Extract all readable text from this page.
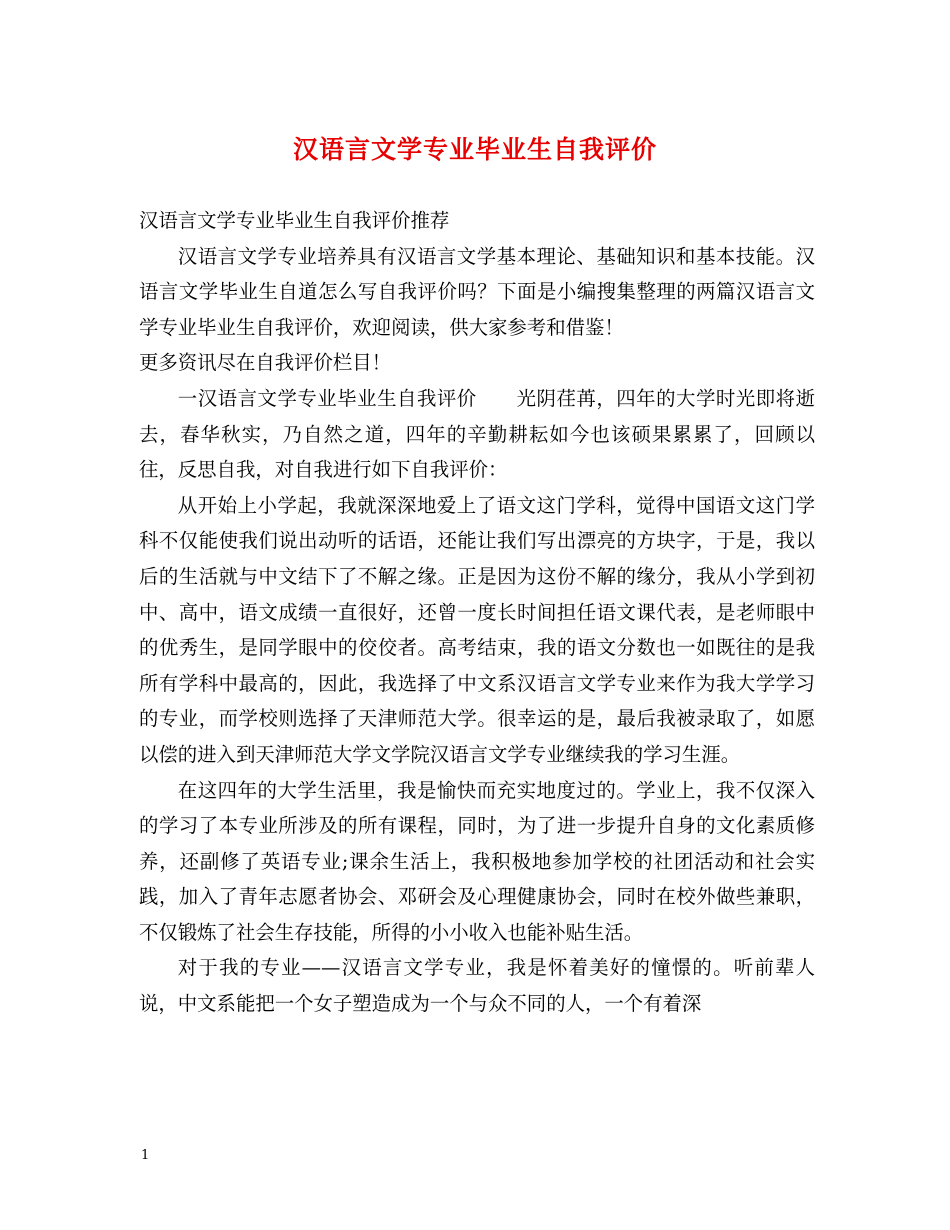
汉语言文学专业毕业生自我评价

汉语言文学专业毕业生自我评价推荐

汉语言文学专业培养具有汉语言文学基本理论、基础知识和基本技能。汉语言文学毕业生自道怎么写自我评价吗？下面是小编搜集整理的两篇汉语言文学专业毕业生自我评价，欢迎阅读，供大家参考和借鉴！

更多资讯尽在自我评价栏目！

一汉语言文学专业毕业生自我评价　　光阴荏苒，四年的大学时光即将逝去，春华秋实，乃自然之道，四年的辛勤耕耘如今也该硕果累累了，回顾以往，反思自我，对自我进行如下自我评价：

从开始上小学起，我就深深地爱上了语文这门学科，觉得中国语文这门学科不仅能使我们说出动听的话语，还能让我们写出漂亮的方块字，于是，我以后的生活就与中文结下了不解之缘。正是因为这份不解的缘分，我从小学到初中、高中，语文成绩一直很好，还曾一度长时间担任语文课代表，是老师眼中的优秀生，是同学眼中的佼佼者。高考结束，我的语文分数也一如既往的是我所有学科中最高的，因此，我选择了中文系汉语言文学专业来作为我大学学习的专业，而学校则选择了天津师范大学。很幸运的是，最后我被录取了，如愿以偿的进入到天津师范大学文学院汉语言文学专业继续我的学习生涯。

在这四年的大学生活里，我是愉快而充实地度过的。学业上，我不仅深入的学习了本专业所涉及的所有课程，同时，为了进一步提升自身的文化素质修养，还副修了英语专业;课余生活上，我积极地参加学校的社团活动和社会实践，加入了青年志愿者协会、邓研会及心理健康协会，同时在校外做些兼职，不仅锻炼了社会生存技能，所得的小小收入也能补贴生活。

对于我的专业——汉语言文学专业，我是怀着美好的憧憬的。听前辈人说，中文系能把一个女子塑造成为一个与众不同的人，一个有着深

1
